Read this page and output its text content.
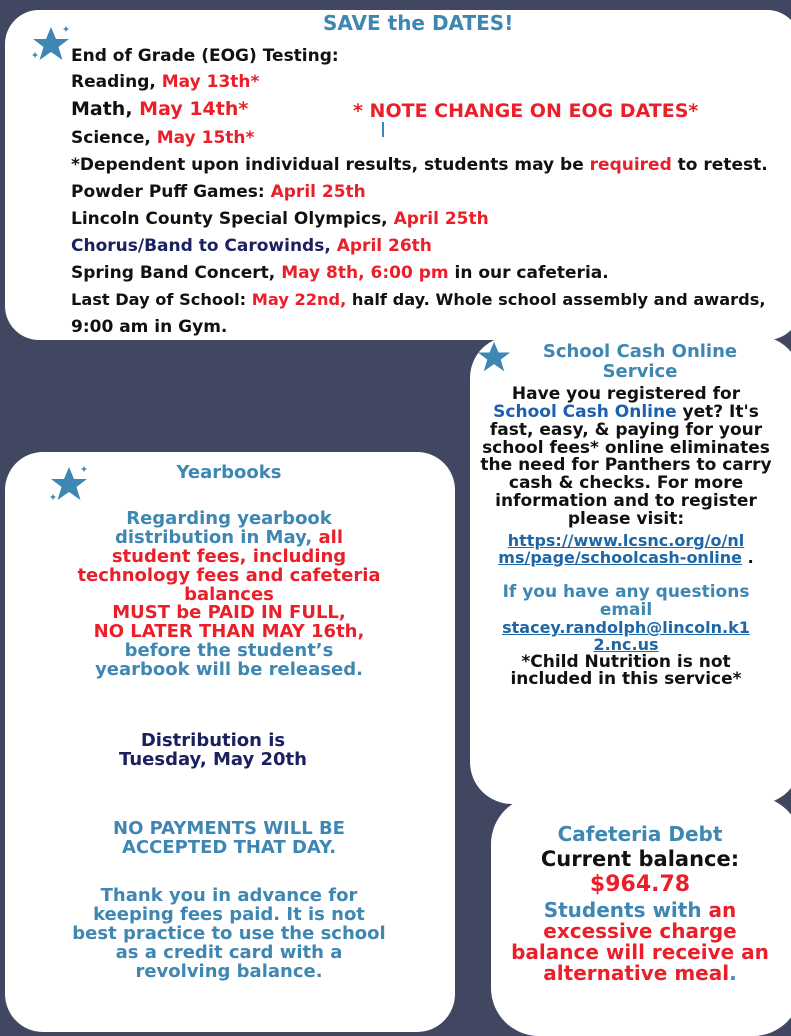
SAVE the DATES!
End of Grade (EOG) Testing:
Reading, May 13th*
Math, May 14th*	* NOTE CHANGE ON EOG DATES*
Science, May 15th*
*Dependent upon individual results, students may be required to retest.
Powder Puff Games: April 25th
Lincoln County Special Olympics, April 25th
Chorus/Band to Carowinds, April 26th
Spring Band Concert, May 8th, 6:00 pm in our cafeteria.
Last Day of School: May 22nd, half day. Whole school assembly and awards,
9:00 am in Gym.
School Cash Online
Service
Have you registered for
School Cash Online yet? It's
fast, easy, & paying for your
school fees* online eliminates
the need for Panthers to carry
cash & checks. For more
information and to register
please visit:
https://www.lcsnc.org/o/nl
ms/page/schoolcash-online .
If you have any questions
email
stacey.randolph@lincoln.k1
2.nc.us
*Child Nutrition is not
included in this service*
Yearbooks
Regarding yearbook
distribution in May, all
student fees, including
technology fees and cafeteria
balances
MUST be PAID IN FULL,
NO LATER THAN MAY 16th,
before the student’s
yearbook will be released.
Distribution is
Tuesday, May 20th
NO PAYMENTS WILL BE
ACCEPTED THAT DAY.
Thank you in advance for
keeping fees paid. It is not
best practice to use the school
as a credit card with a
revolving balance.
Cafeteria Debt
Current balance:
$964.78
Students with an
excessive charge
balance will receive an
alternative meal.
